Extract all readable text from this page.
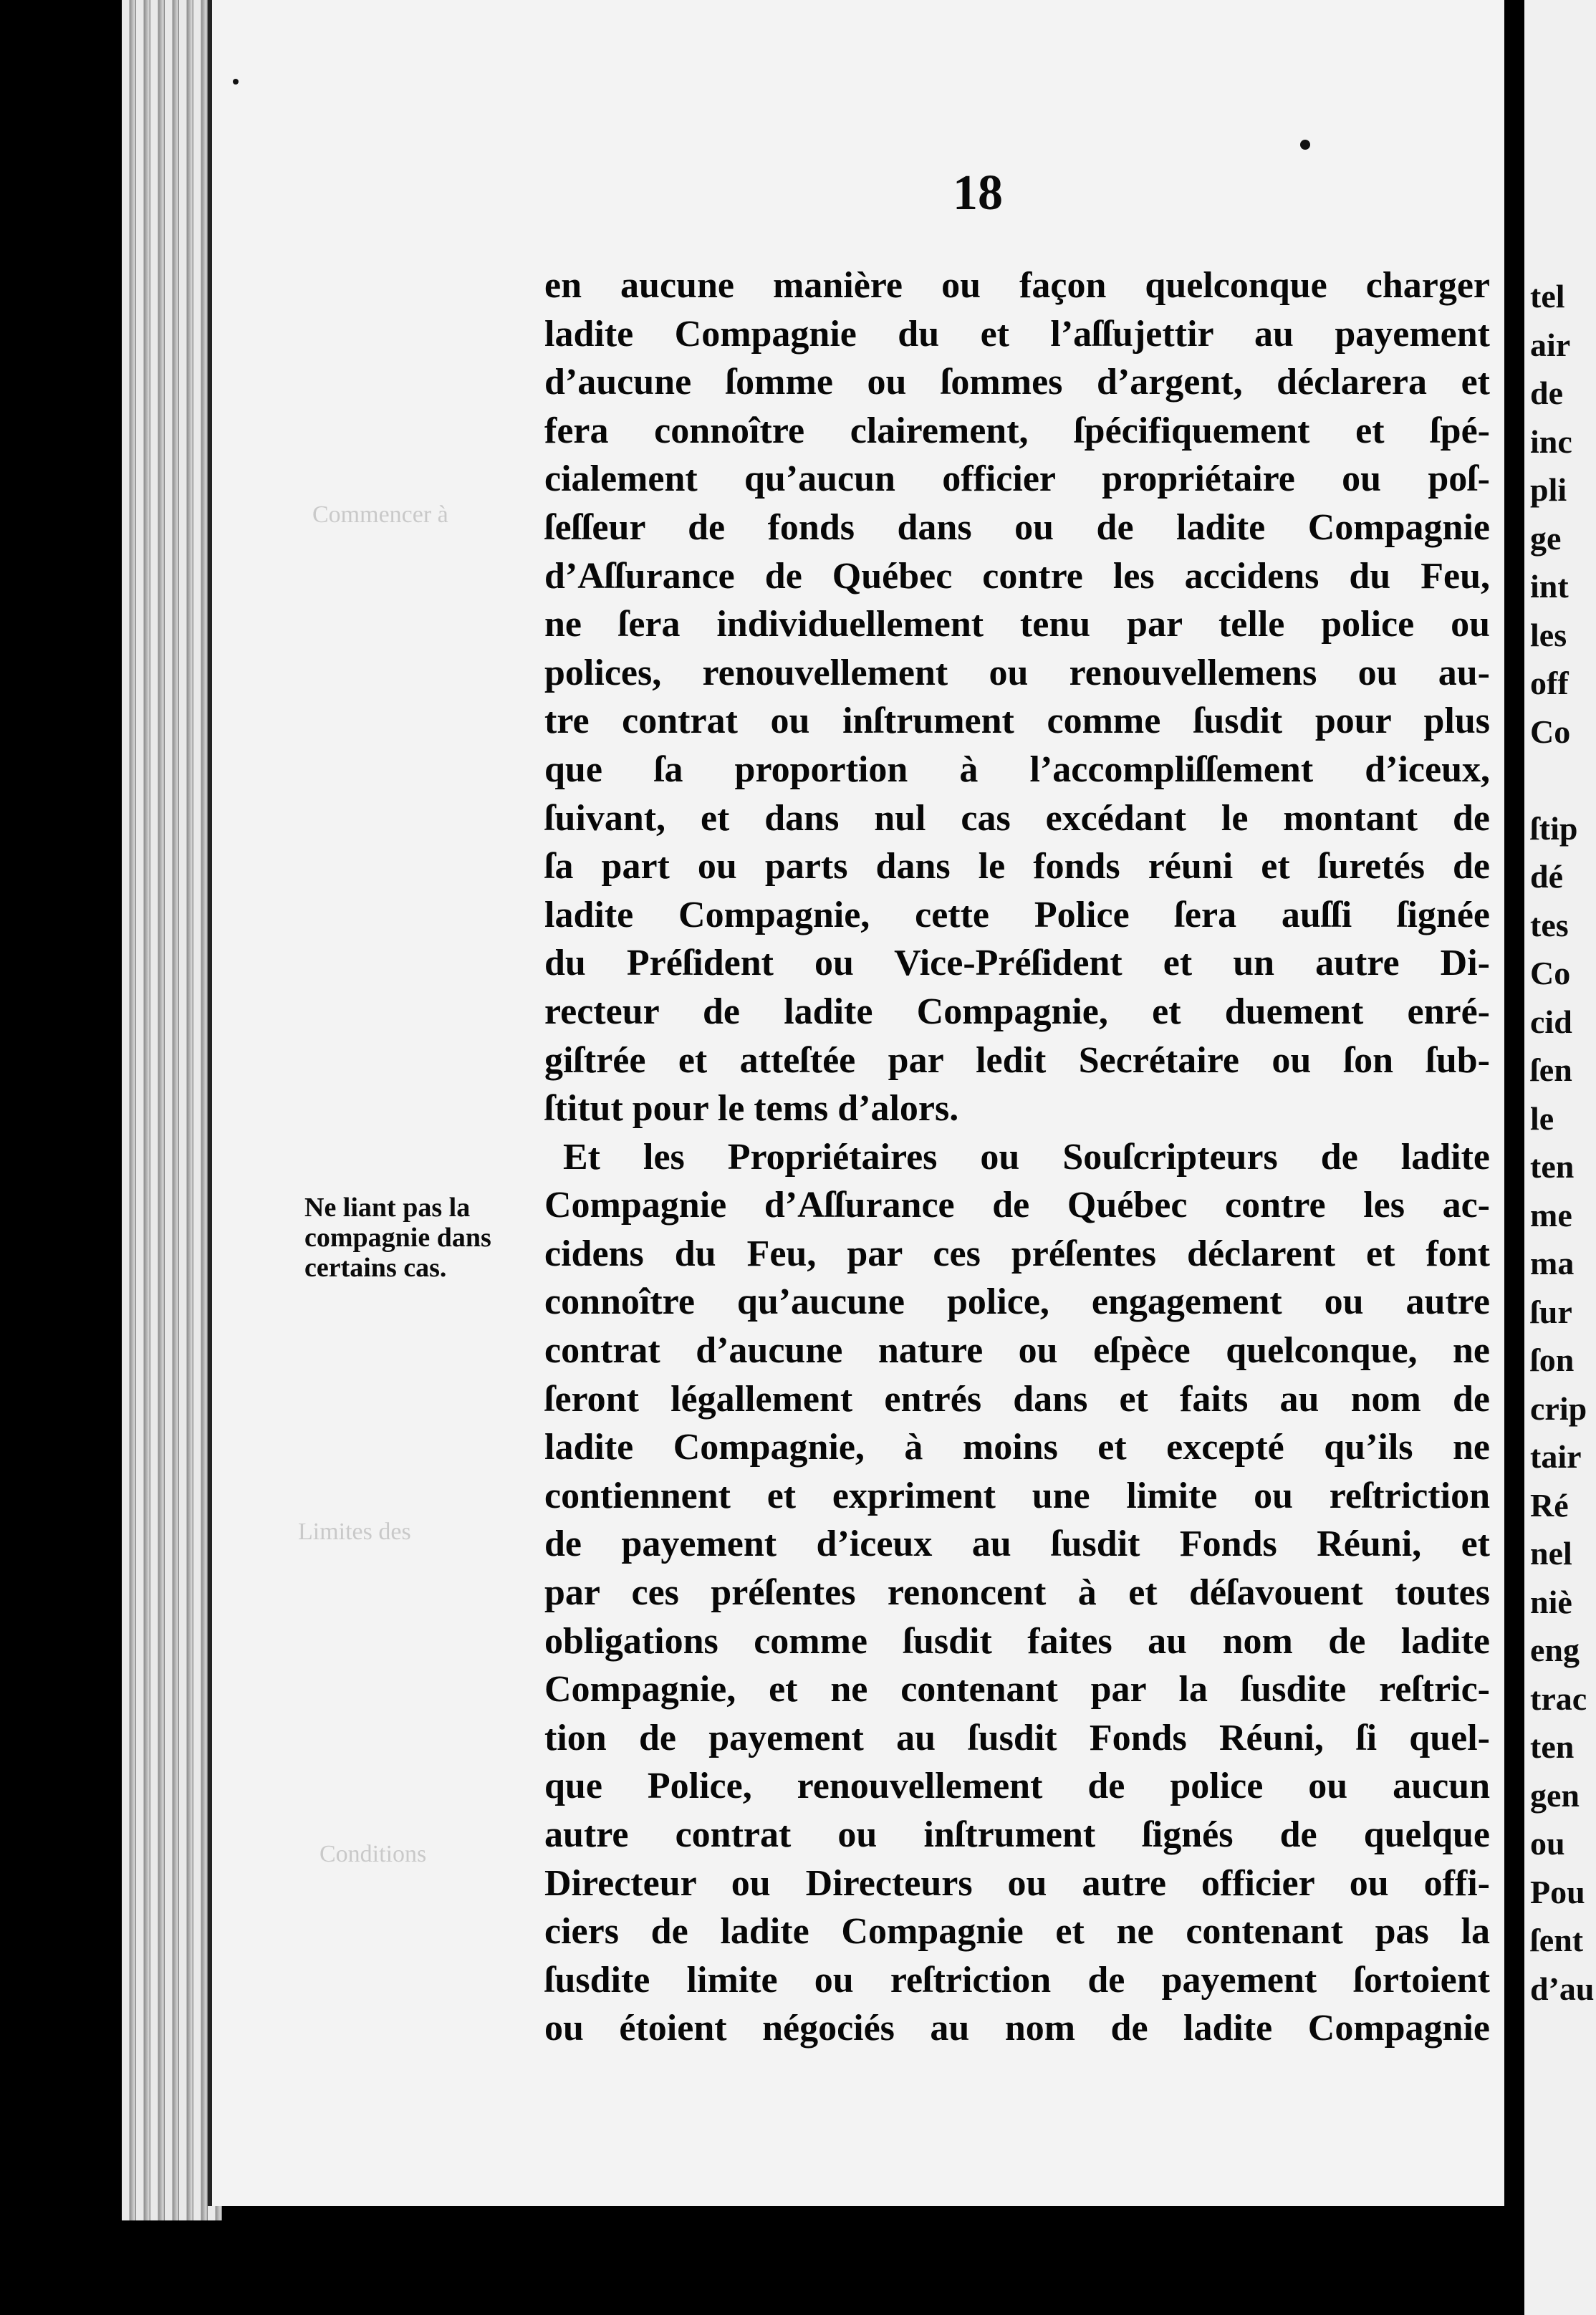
Commencer à
Limites des
Conditions
18
Ne liant pas la
compagnie dans
certains cas.
en aucune manière ou façon quelconque charger
ladite Compagnie du et l’aſſujettir au payement
d’aucune ſomme ou ſommes d’argent, déclarera et
fera connoître clairement, ſpécifiquement et ſpé-
cialement qu’aucun officier propriétaire ou poſ-
ſeſſeur de fonds dans ou de ladite Compagnie
d’Aſſurance de Québec contre les accidens du Feu,
ne ſera individuellement tenu par telle police ou
polices, renouvellement ou renouvellemens ou au-
tre contrat ou inſtrument comme ſusdit pour plus
que ſa proportion à l’accompliſſement d’iceux,
ſuivant, et dans nul cas excédant le montant de
ſa part ou parts dans le fonds réuni et ſuretés de
ladite Compagnie, cette Police ſera auſſi ſignée
du Préſident ou Vice-Préſident et un autre Di-
recteur de ladite Compagnie, et duement enré-
giſtrée et atteſtée par ledit Secrétaire ou ſon ſub-
ſtitut pour le tems d’alors.
Et les Propriétaires ou Souſcripteurs de ladite
Compagnie d’Aſſurance de Québec contre les ac-
cidens du Feu, par ces préſentes déclarent et font
connoître qu’aucune police, engagement ou autre
contrat d’aucune nature ou eſpèce quelconque, ne
ſeront légallement entrés dans et faits au nom de
ladite Compagnie, à moins et excepté qu’ils ne
contiennent et expriment une limite ou reſtriction
de payement d’iceux au ſusdit Fonds Réuni, et
par ces préſentes renoncent à et déſavouent toutes
obligations comme ſusdit faites au nom de ladite
Compagnie, et ne contenant par la ſusdite reſtric-
tion de payement au ſusdit Fonds Réuni, ſi quel-
que Police, renouvellement de police ou aucun
autre contrat ou inſtrument ſignés de quelque
Directeur ou Directeurs ou autre officier ou offi-
ciers de ladite Compagnie et ne contenant pas la
ſusdite limite ou reſtriction de payement ſortoient
ou étoient négociés au nom de ladite Compagnie
tel
air
de
inc
pli
ge
int
les
off
Co

ſtip
dé
tes
Co
cid
ſen
le
ten
me
ma
ſur
ſon
crip
tair
Ré
nel
niè
eng
trac
ten
gen
ou
Pou
ſent
d’au
